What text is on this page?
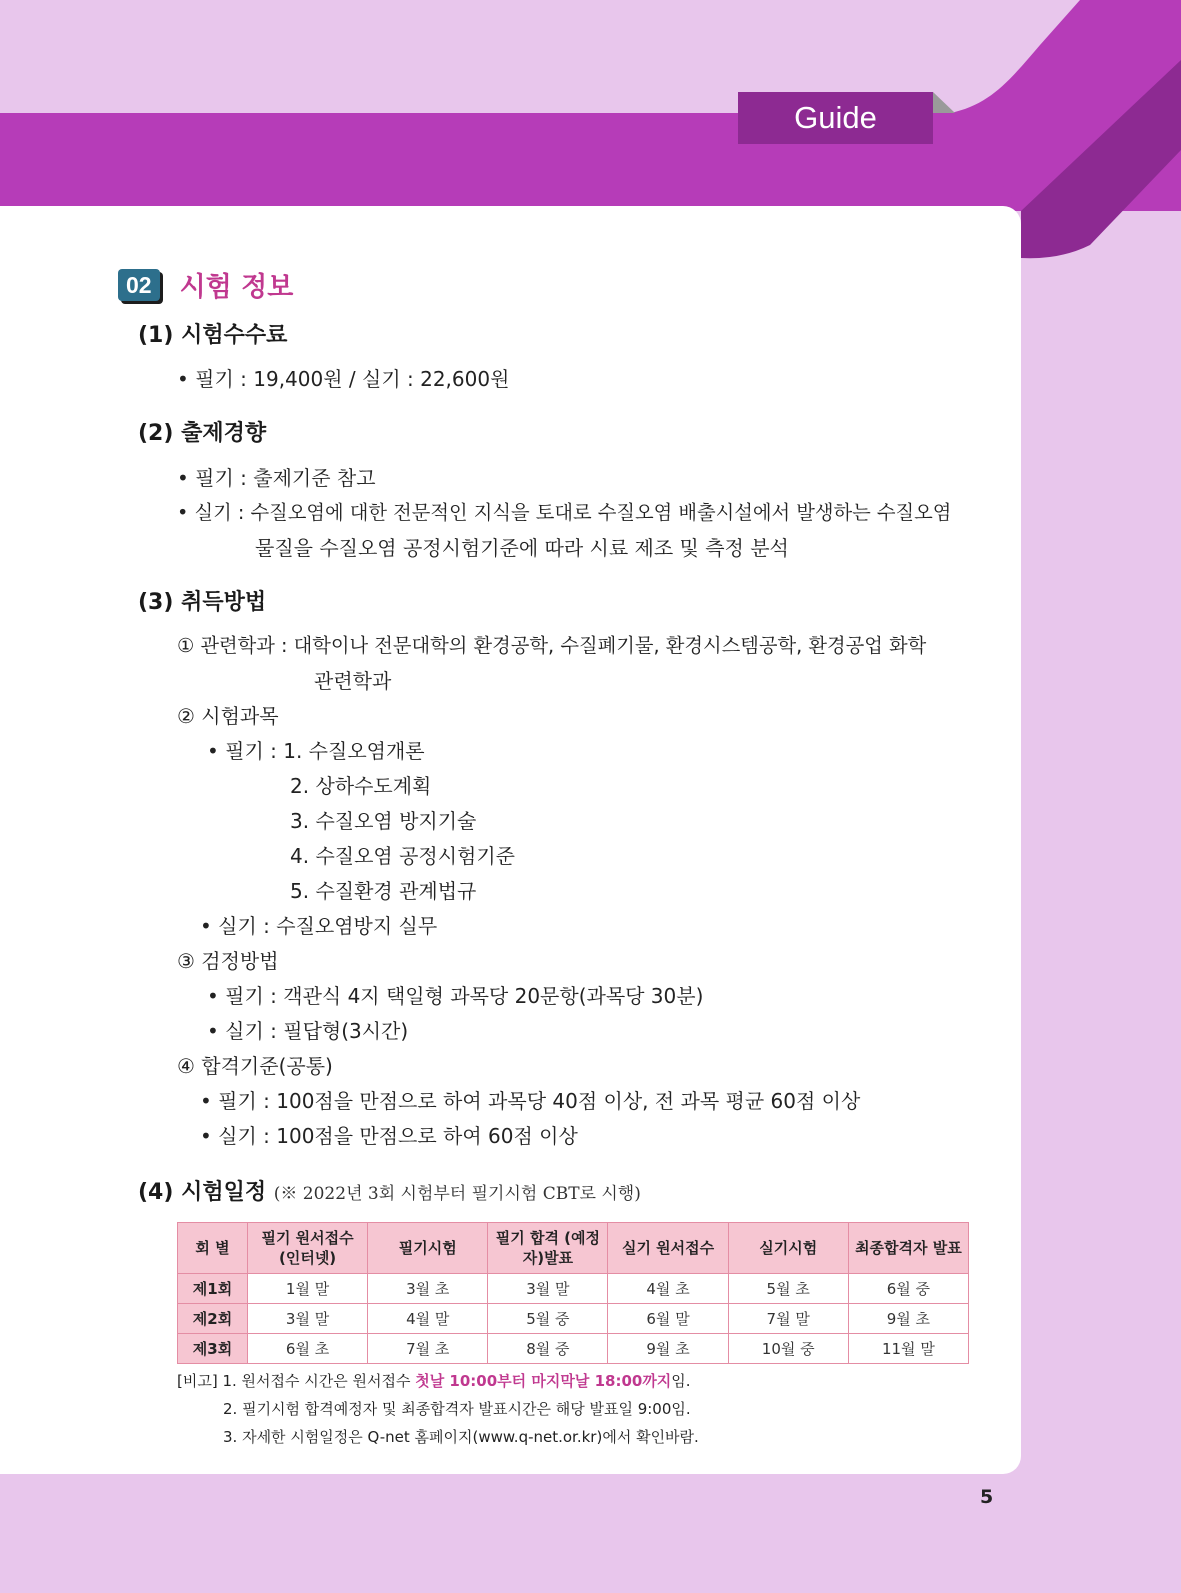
Guide
02 시험 정보
(1) 시험수수료
• 필기 : 19,400원 / 실기 : 22,600원
(2) 출제경향
• 필기 : 출제기준 참고
• 실기 : 수질오염에 대한 전문적인 지식을 토대로 수질오염 배출시설에서 발생하는 수질오염
물질을 수질오염 공정시험기준에 따라 시료 제조 및 측정 분석
(3) 취득방법
① 관련학과 : 대학이나 전문대학의 환경공학, 수질폐기물, 환경시스템공학, 환경공업 화학
관련학과
② 시험과목
• 필기 : 1. 수질오염개론
2. 상하수도계획
3. 수질오염 방지기술
4. 수질오염 공정시험기준
5. 수질환경 관계법규
• 실기 : 수질오염방지 실무
③ 검정방법
• 필기 : 객관식 4지 택일형 과목당 20문항(과목당 30분)
• 실기 : 필답형(3시간)
④ 합격기준(공통)
• 필기 : 100점을 만점으로 하여 과목당 40점 이상, 전 과목 평균 60점 이상
• 실기 : 100점을 만점으로 하여 60점 이상
(4) 시험일정 (※ 2022년 3회 시험부터 필기시험 CBT로 시행)
회 별	필기 원서접수 (인터넷)	필기시험	필기 합격 (예정자)발표	실기 원서접수	실기시험	최종합격자 발표
제1회	1월 말	3월 초	3월 말	4월 초	5월 초	6월 중
제2회	3월 말	4월 말	5월 중	6월 말	7월 말	9월 초
제3회	6월 초	7월 초	8월 중	9월 초	10월 중	11월 말
[비고] 1. 원서접수 시간은 원서접수 첫날 10:00부터 마지막날 18:00까지임.
2. 필기시험 합격예정자 및 최종합격자 발표시간은 해당 발표일 9:00임.
3. 자세한 시험일정은 Q-net 홈페이지(www.q-net.or.kr)에서 확인바람.
5
